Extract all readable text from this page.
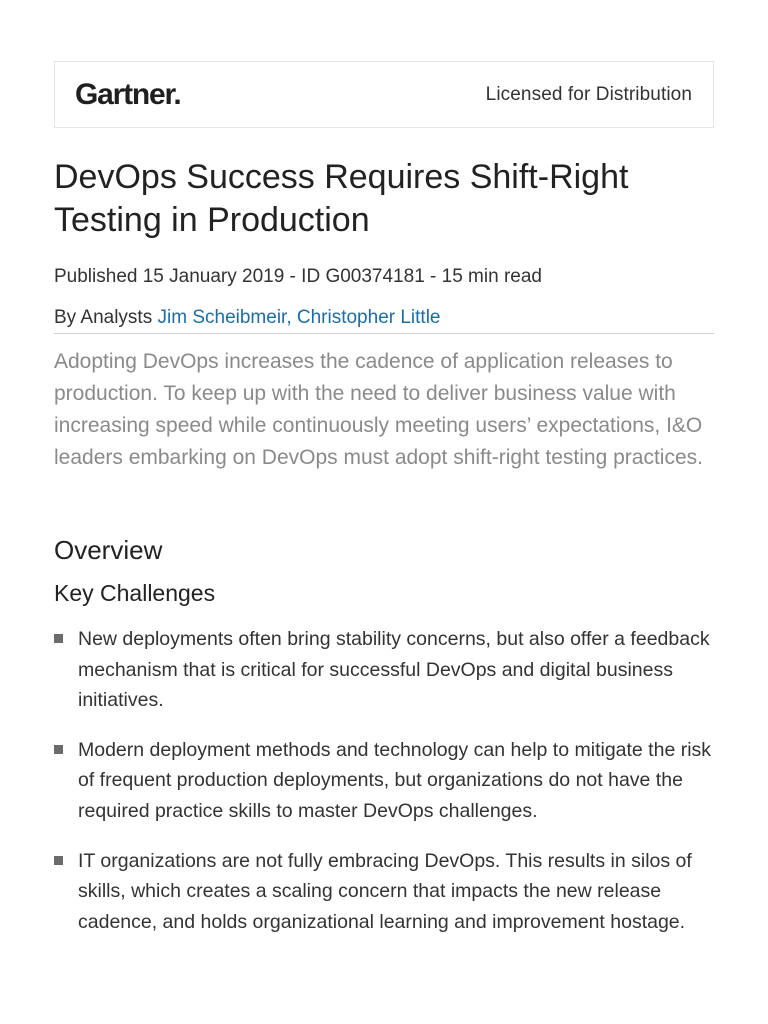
Gartner.	Licensed for Distribution
DevOps Success Requires Shift-Right Testing in Production
Published 15 January 2019 - ID G00374181 - 15 min read
By Analysts Jim Scheibmeir, Christopher Little

Adopting DevOps increases the cadence of application releases to production. To keep up with the need to deliver business value with increasing speed while continuously meeting users’ expectations, I&O leaders embarking on DevOps must adopt shift-right testing practices.

Overview
Key Challenges
New deployments often bring stability concerns, but also offer a feedback mechanism that is critical for successful DevOps and digital business initiatives.
Modern deployment methods and technology can help to mitigate the risk of frequent production deployments, but organizations do not have the required practice skills to master DevOps challenges.
IT organizations are not fully embracing DevOps. This results in silos of skills, which creates a scaling concern that impacts the new release cadence, and holds organizational learning and improvement hostage.
